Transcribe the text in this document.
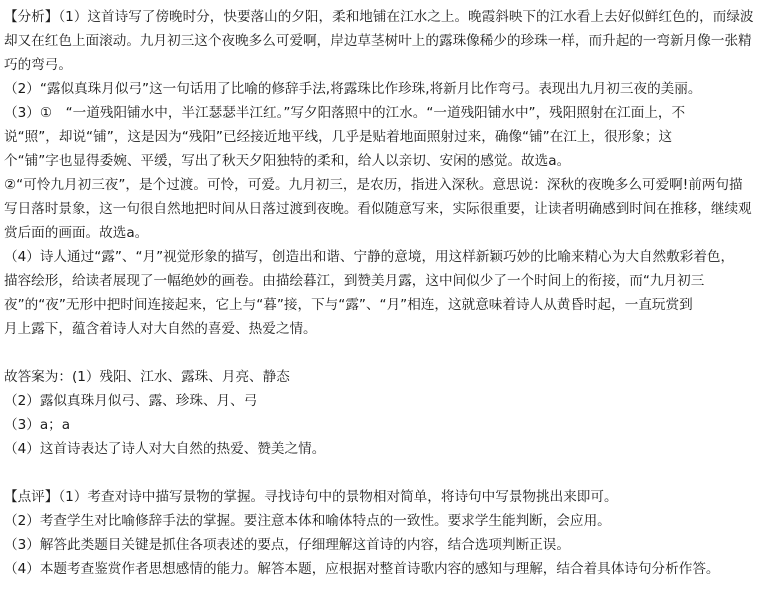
【分析】（1）这首诗写了傍晚时分，快要落山的夕阳，柔和地铺在江水之上。晚霞斜映下的江水看上去好似鲜红色的，而绿波
却又在红色上面滚动。九月初三这个夜晚多么可爱啊，岸边草茎树叶上的露珠像稀少的珍珠一样，而升起的一弯新月像一张精
巧的弯弓。
（2）“露似真珠月似弓”这一句话用了比喻的修辞手法,将露珠比作珍珠,将新月比作弯弓。表现出九月初三夜的美丽。
（3）①　“一道残阳铺水中，半江瑟瑟半江红。”写夕阳落照中的江水。“一道残阳铺水中”，残阳照射在江面上，不
说“照”，却说“铺”，这是因为“残阳”已经接近地平线，几乎是贴着地面照射过来，确像“铺”在江上，很形象；这
个“铺”字也显得委婉、平缓，写出了秋天夕阳独特的柔和，给人以亲切、安闲的感觉。故选a。
②“可怜九月初三夜”，是个过渡。可怜，可爱。九月初三，是农历，指进入深秋。意思说：深秋的夜晚多么可爱啊!前两句描
写日落时景象，这一句很自然地把时间从日落过渡到夜晚。看似随意写来，实际很重要，让读者明确感到时间在推移，继续观
赏后面的画面。故选a。
（4）诗人通过“露”、“月”视觉形象的描写，创造出和谐、宁静的意境，用这样新颖巧妙的比喻来精心为大自然敷彩着色，
描容绘形，给读者展现了一幅绝妙的画卷。由描绘暮江，到赞美月露，这中间似少了一个时间上的衔接，而“九月初三
夜”的“夜”无形中把时间连接起来，它上与“暮”接，下与“露”、“月”相连，这就意味着诗人从黄昏时起，一直玩赏到
月上露下，蕴含着诗人对大自然的喜爱、热爱之情。
故答案为：(1）残阳、江水、露珠、月亮、静态
（2）露似真珠月似弓、露、珍珠、月、弓
（3）a；a
（4）这首诗表达了诗人对大自然的热爱、赞美之情。
【点评】（1）考查对诗中描写景物的掌握。寻找诗句中的景物相对简单，将诗句中写景物挑出来即可。
（2）考查学生对比喻修辞手法的掌握。要注意本体和喻体特点的一致性。要求学生能判断，会应用。
（3）解答此类题目关键是抓住各项表述的要点，仔细理解这首诗的内容，结合选项判断正误。
（4）本题考查鉴赏作者思想感情的能力。解答本题，应根据对整首诗歌内容的感知与理解，结合着具体诗句分析作答。
